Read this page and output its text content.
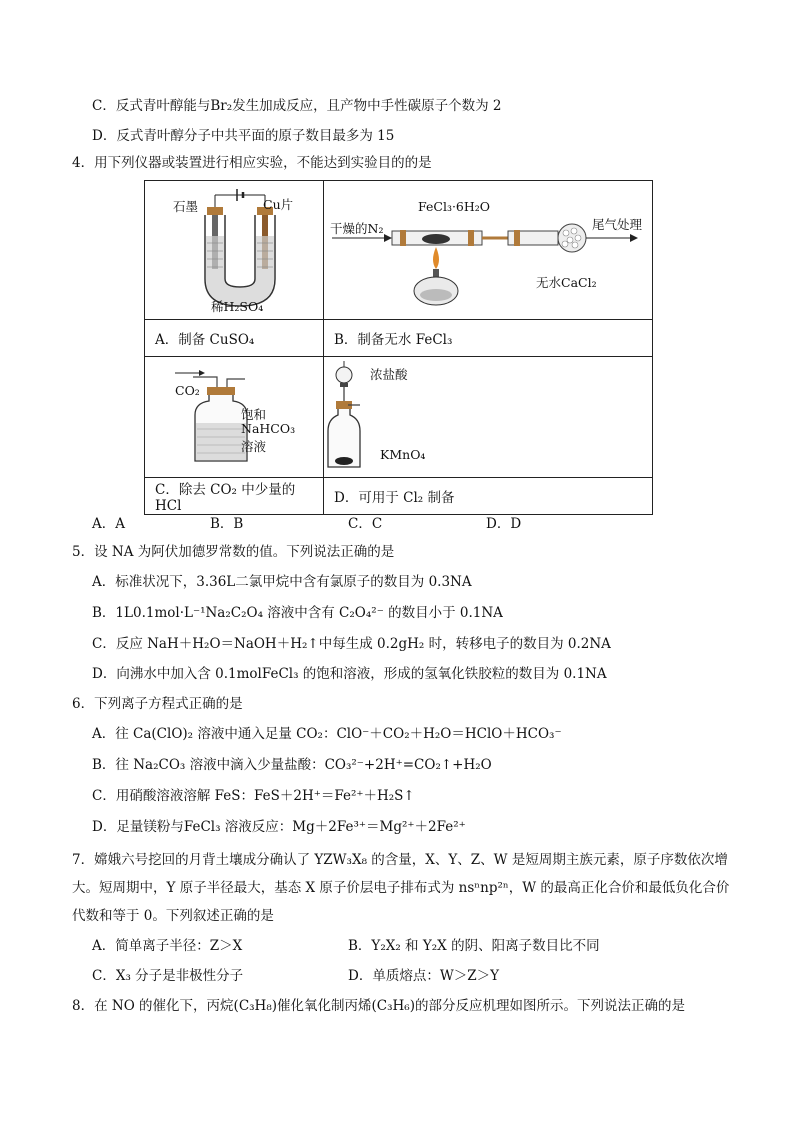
C．反式青叶醇能与Br₂发生加成反应，且产物中手性碳原子个数为 2
D．反式青叶醇分子中共平面的原子数目最多为 15
4．用下列仪器或装置进行相应实验，不能达到实验目的的是
石墨 Cu片
稀H₂SO₄	FeCl₃·6H₂O
干燥的N₂ 尾气处理
无水CaCl₂

A．制备 CuSO₄	B．制备无水 FeCl₃

CO₂
饱和
NaHCO₃
溶液	浓盐酸
KMnO₄

C．除去 CO₂ 中少量的 HCl	D．可用于 Cl₂ 制备
A．A	B．B	C．C	D．D
5．设 NA 为阿伏加德罗常数的值。下列说法正确的是
A．标准状况下，3.36L二氯甲烷中含有氯原子的数目为 0.3NA
B．1L0.1mol·L⁻¹Na₂C₂O₄ 溶液中含有 C₂O₄²⁻ 的数目小于 0.1NA
C．反应 NaH＋H₂O＝NaOH＋H₂↑中每生成 0.2gH₂ 时，转移电子的数目为 0.2NA
D．向沸水中加入含 0.1molFeCl₃ 的饱和溶液，形成的氢氧化铁胶粒的数目为 0.1NA
6．下列离子方程式正确的是
A．往 Ca(ClO)₂ 溶液中通入足量 CO₂：ClO⁻＋CO₂＋H₂O＝HClO＋HCO₃⁻
B．往 Na₂CO₃ 溶液中滴入少量盐酸：CO₃²⁻+2H⁺=CO₂↑+H₂O
C．用硝酸溶液溶解 FeS：FeS＋2H⁺＝Fe²⁺＋H₂S↑
D．足量镁粉与FeCl₃ 溶液反应：Mg＋2Fe³⁺＝Mg²⁺＋2Fe²⁺
7．嫦娥六号挖回的月背土壤成分确认了 YZW₃X₈ 的含量，X、Y、Z、W 是短周期主族元素，原子序数依次增大。短周期中，Y 原子半径最大，基态 X 原子价层电子排布式为 nsⁿnp²ⁿ，W 的最高正化合价和最低负化合价代数和等于 0。下列叙述正确的是
A．简单离子半径：Z＞X	B．Y₂X₂ 和 Y₂X 的阴、阳离子数目比不同
C．X₃ 分子是非极性分子	D．单质熔点：W＞Z＞Y
8．在 NO 的催化下，丙烷(C₃H₈)催化氧化制丙烯(C₃H₆)的部分反应机理如图所示。下列说法正确的是
